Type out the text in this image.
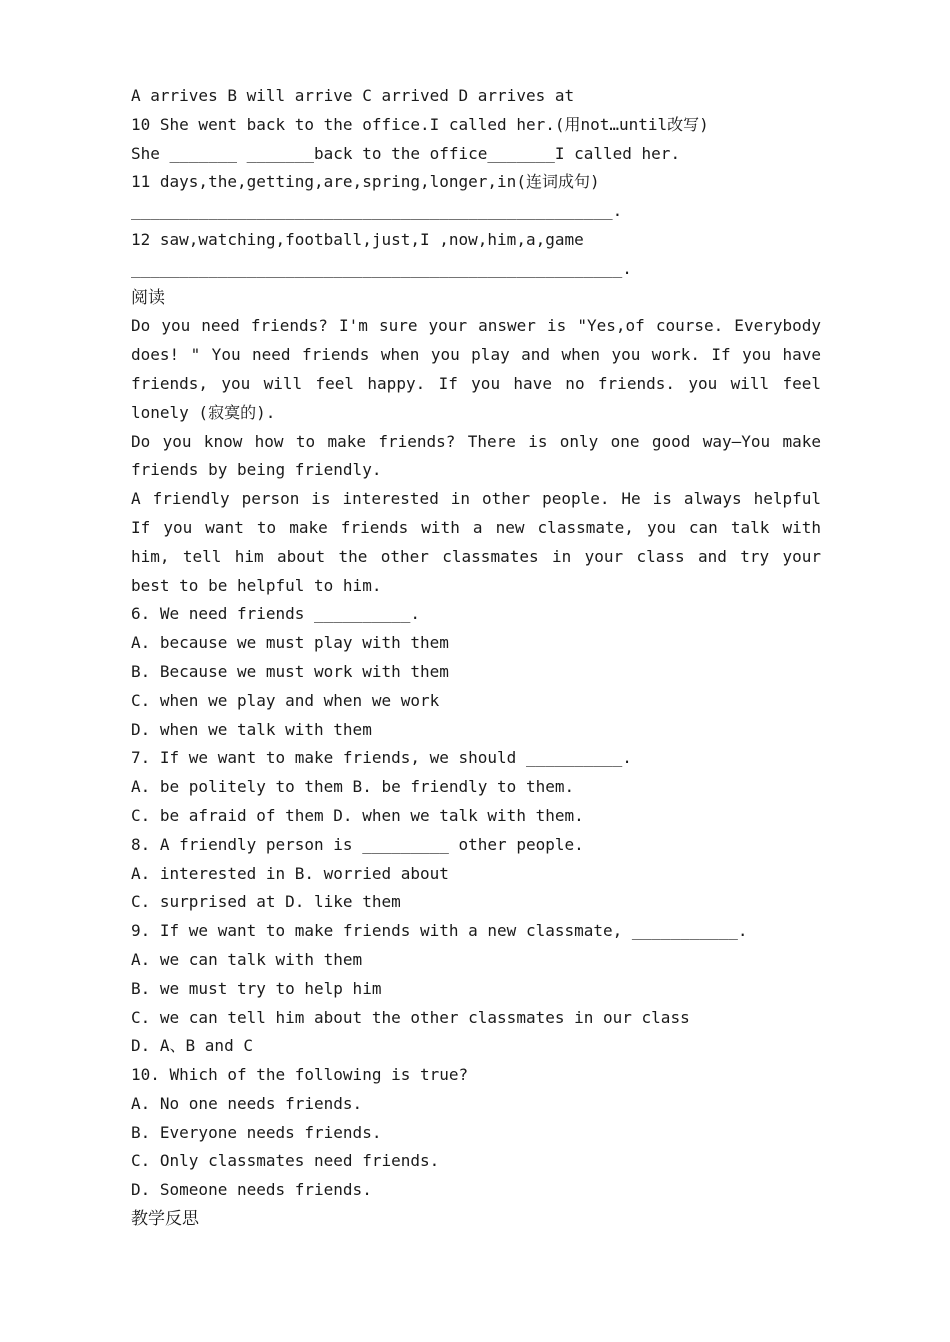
A arrives B will arrive C arrived D arrives at
10 She went back to the office.I called her.(用not…until改写)
She _______ _______back to the office_______I called her.
11 days,the,getting,are,spring,longer,in(连词成句)
__________________________________________________.
12 saw,watching,football,just,I ,now,him,a,game
___________________________________________________.
阅读
Do you need friends? I'm sure your answer is "Yes,of course. Everybody
does! " You need friends when you play and when you work. If you have
friends, you will feel happy. If you have no friends. you will feel
lonely (寂寞的).
Do you know how to make friends? There is only one good way—You make
friends by being friendly.
A friendly person is interested in other people. He is always helpful
If you want to make friends with a new classmate, you can talk with
him, tell him about the other classmates in your class and try your
best to be helpful to him.
6. We need friends __________.
A. because we must play with them
B. Because we must work with them
C. when we play and when we work
D. when we talk with them
7. If we want to make friends, we should __________.
A. be politely to them B. be friendly to them.
C. be afraid of them D. when we talk with them.
8. A friendly person is _________ other people.
A. interested in B. worried about
C. surprised at D. like them
9. If we want to make friends with a new classmate, ___________.
A. we can talk with them
B. we must try to help him
C. we can tell him about the other classmates in our class
D. A、B and C
10. Which of the following is true?
A. No one needs friends.
B. Everyone needs friends.
C. Only classmates need friends.
D. Someone needs friends.
教学反思
